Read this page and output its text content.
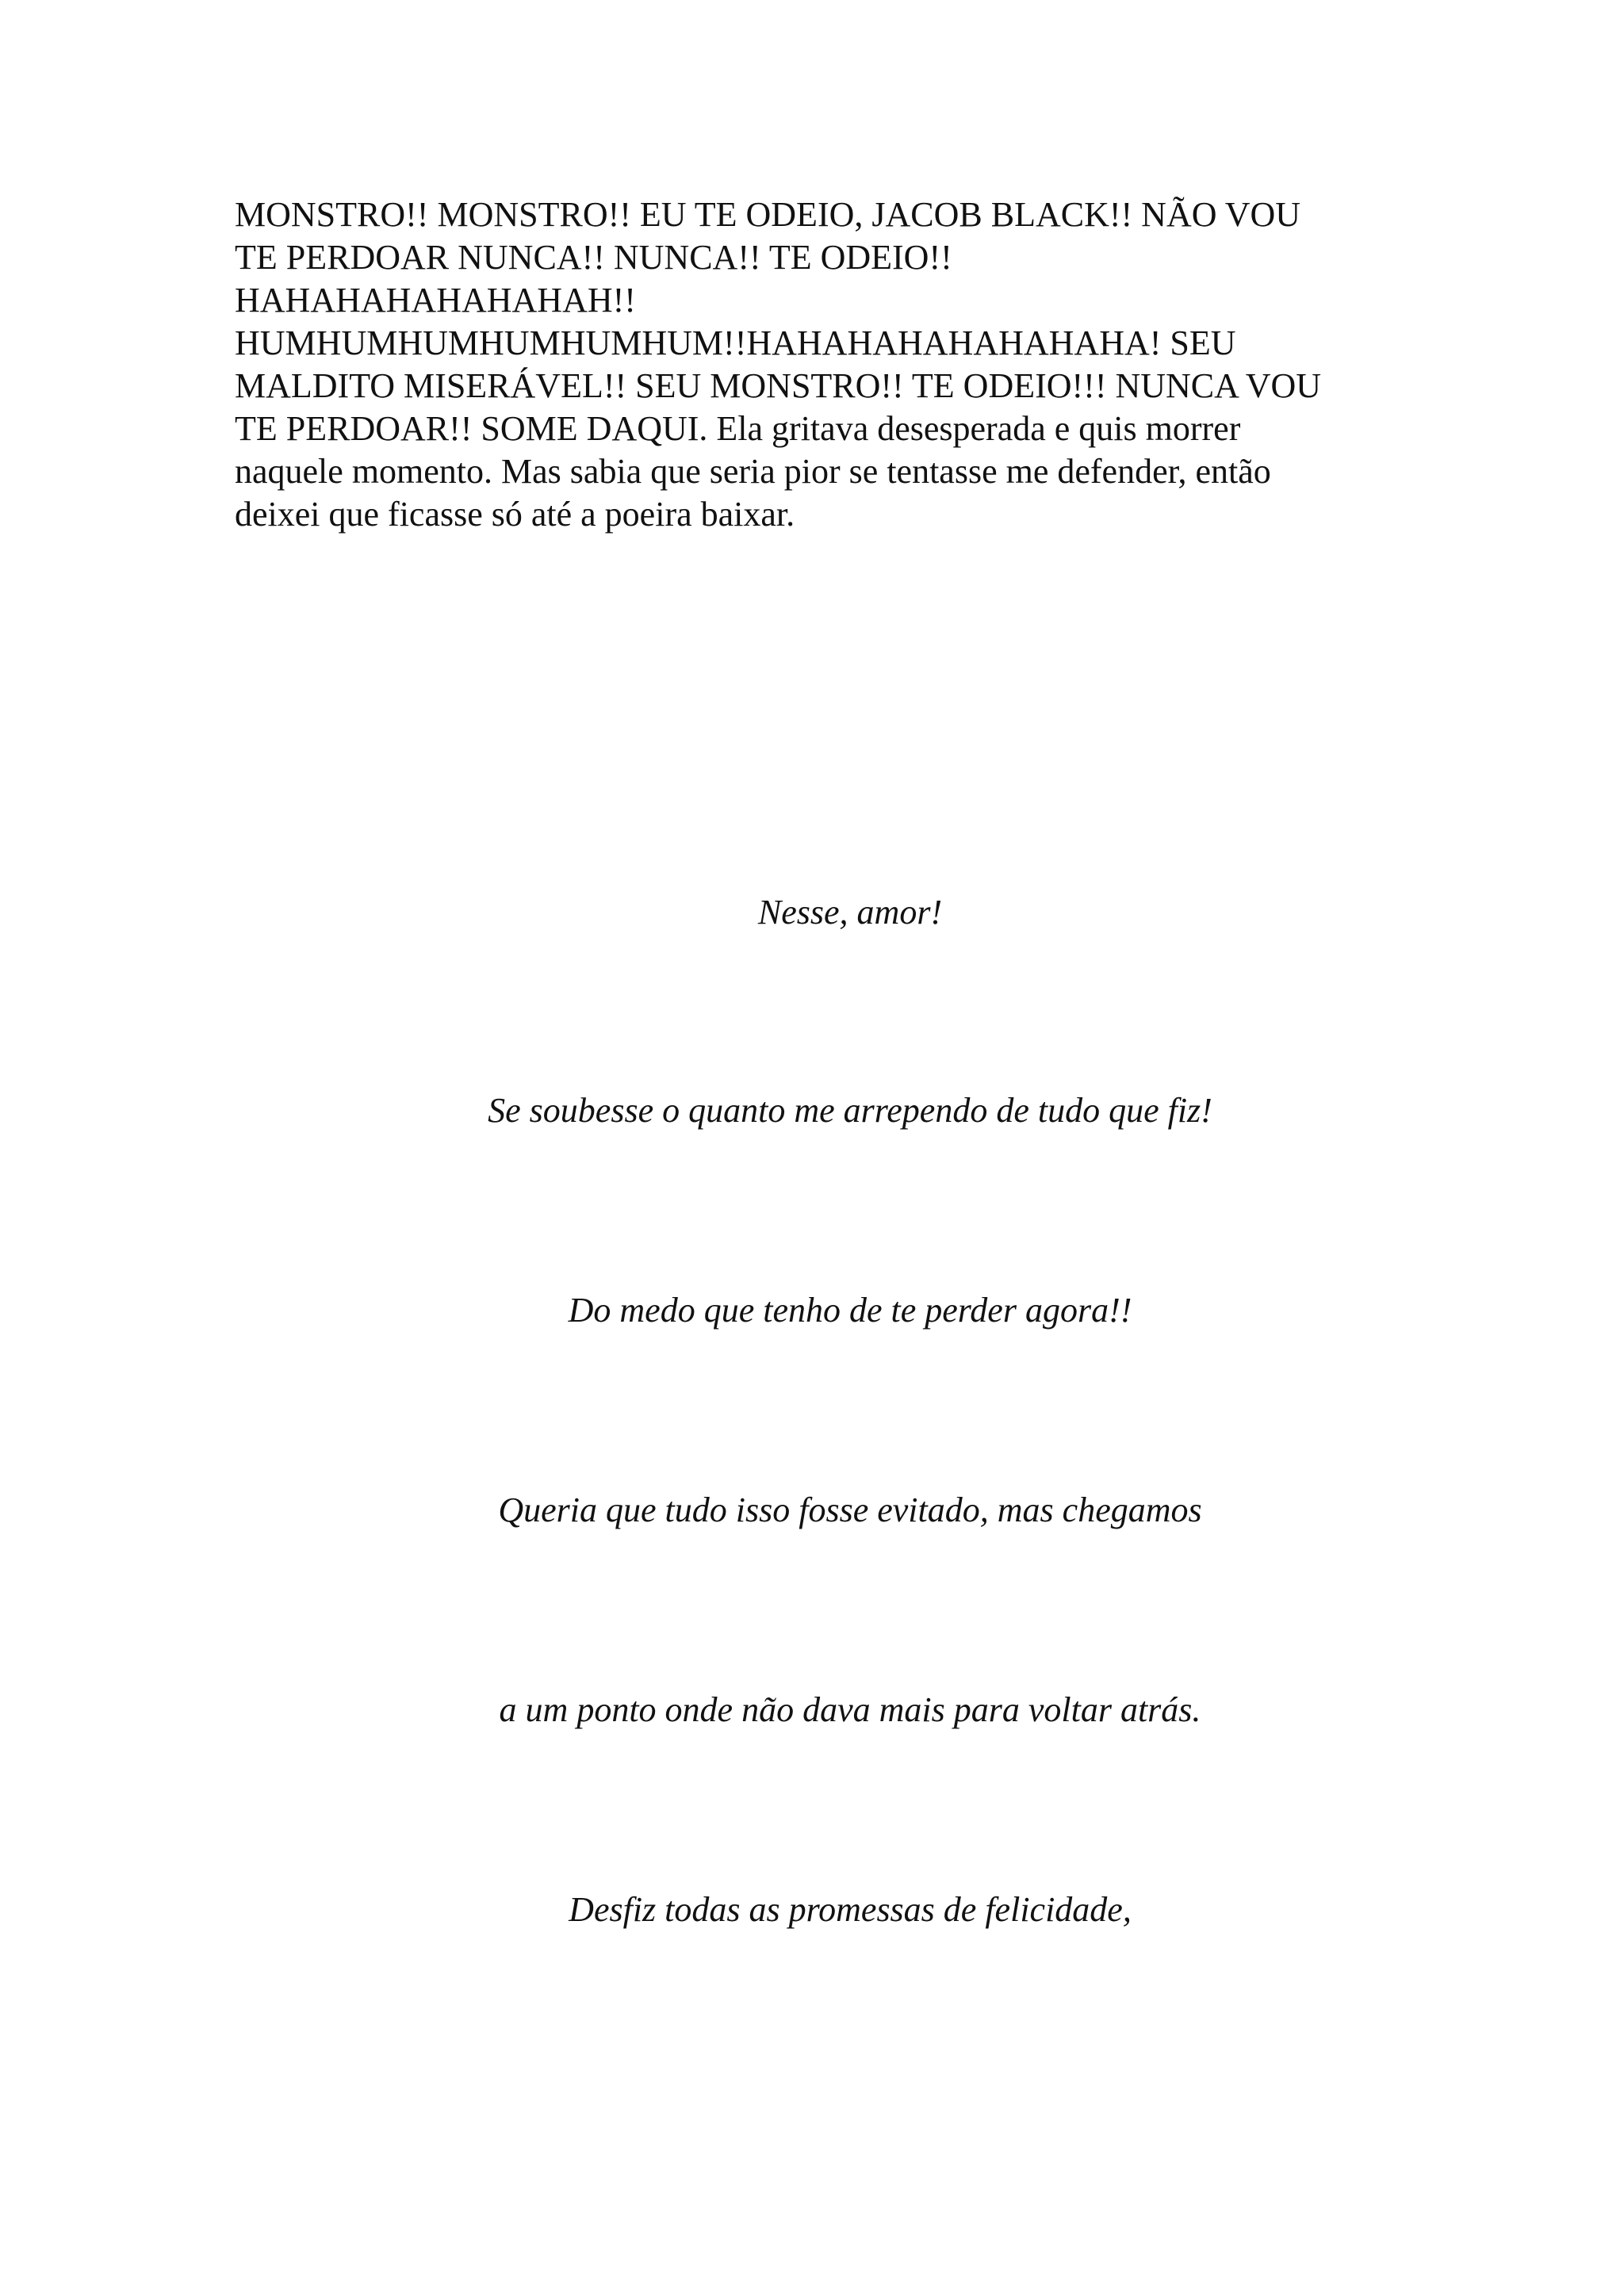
MONSTRO!! MONSTRO!! EU TE ODEIO, JACOB BLACK!! NÃO VOU
TE PERDOAR NUNCA!! NUNCA!! TE ODEIO!!
HAHAHAHAHAHAHAH!!
HUMHUMHUMHUMHUMHUM!!HAHAHAHAHAHAHAHA! SEU
MALDITO MISERÁVEL!! SEU MONSTRO!! TE ODEIO!!! NUNCA VOU
TE PERDOAR!! SOME DAQUI. Ela gritava desesperada e quis morrer
naquele momento. Mas sabia que seria pior se tentasse me defender, então
deixei que ficasse só até a poeira baixar.

Nesse, amor!

Se soubesse o quanto me arrependo de tudo que fiz!

Do medo que tenho de te perder agora!!

Queria que tudo isso fosse evitado, mas chegamos

a um ponto onde não dava mais para voltar atrás.

Desfiz todas as promessas de felicidade,
